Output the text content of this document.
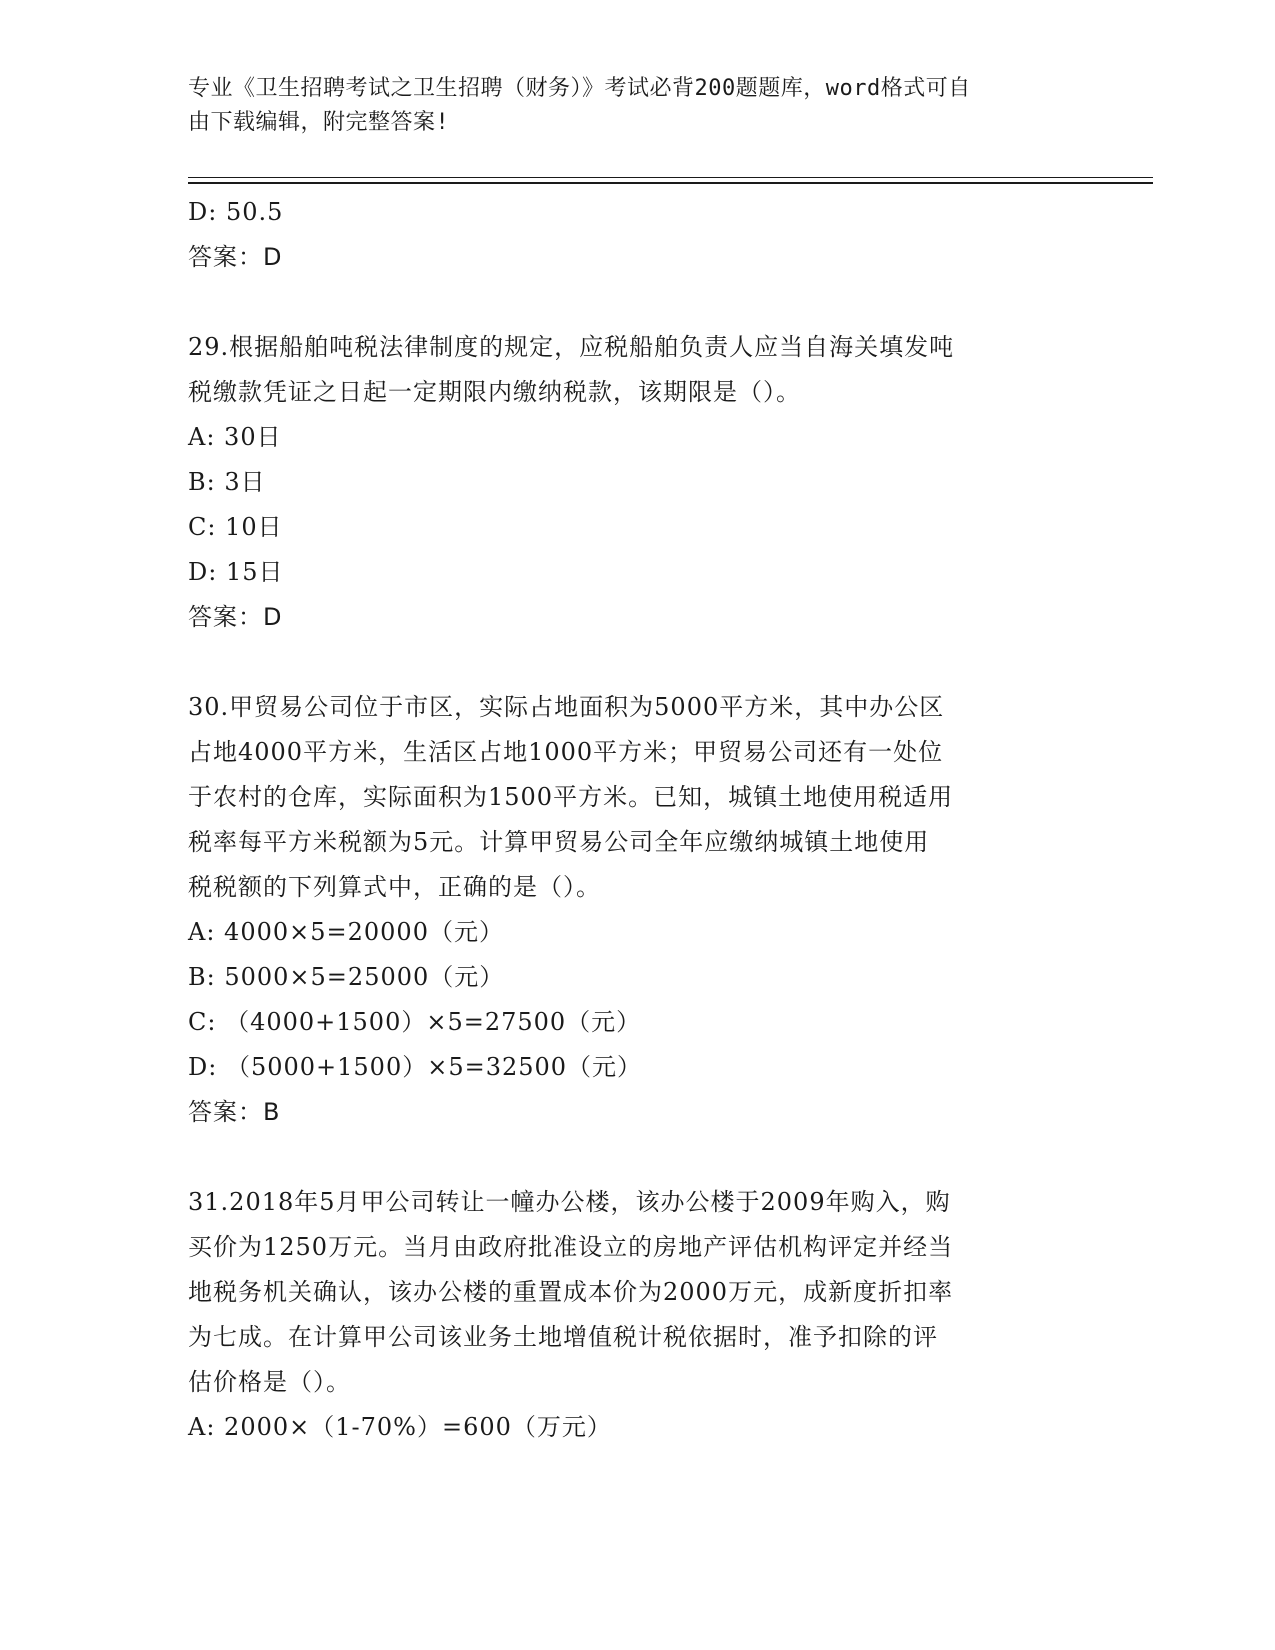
专业《卫生招聘考试之卫生招聘（财务）》考试必背200题题库，word格式可自
由下载编辑，附完整答案!
D: 50.5
答案：D
29.根据船舶吨税法律制度的规定，应税船舶负责人应当自海关填发吨
税缴款凭证之日起一定期限内缴纳税款，该期限是（）。
A: 30日
B: 3日
C: 10日
D: 15日
答案：D
30.甲贸易公司位于市区，实际占地面积为5000平方米，其中办公区
占地4000平方米，生活区占地1000平方米；甲贸易公司还有一处位
于农村的仓库，实际面积为1500平方米。已知，城镇土地使用税适用
税率每平方米税额为5元。计算甲贸易公司全年应缴纳城镇土地使用
税税额的下列算式中，正确的是（）。
A: 4000×5=20000（元）
B: 5000×5=25000（元）
C: （4000+1500）×5=27500（元）
D: （5000+1500）×5=32500（元）
答案：B
31.2018年5月甲公司转让一幢办公楼，该办公楼于2009年购入，购
买价为1250万元。当月由政府批准设立的房地产评估机构评定并经当
地税务机关确认，该办公楼的重置成本价为2000万元，成新度折扣率
为七成。在计算甲公司该业务土地增值税计税依据时，准予扣除的评
估价格是（）。
A: 2000×（1-70%）=600（万元）
